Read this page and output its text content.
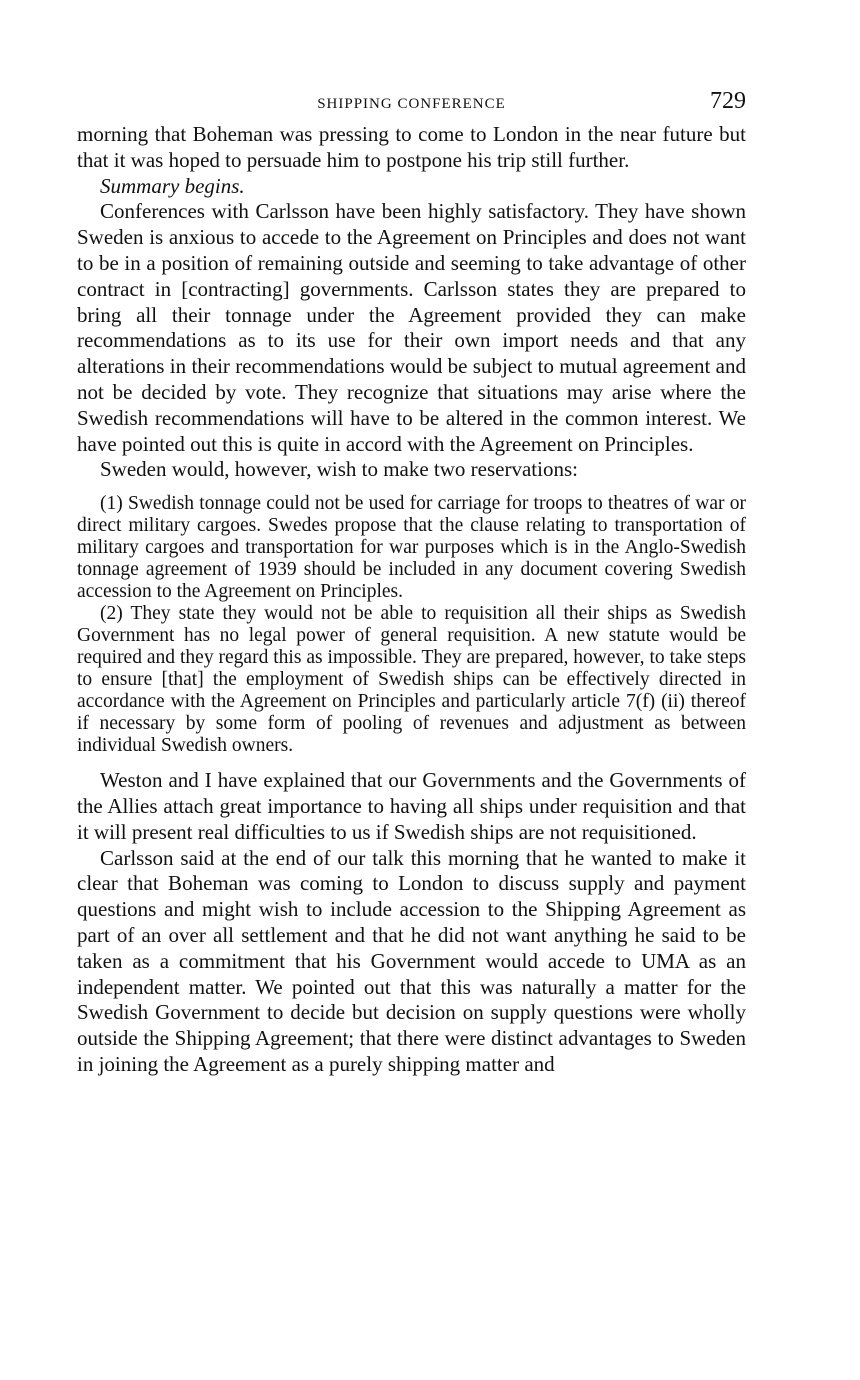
SHIPPING CONFERENCE	729

morning that Boheman was pressing to come to London in the near future but that it was hoped to persuade him to postpone his trip still further.

Summary begins.

Conferences with Carlsson have been highly satisfactory. They have shown Sweden is anxious to accede to the Agreement on Principles and does not want to be in a position of remaining outside and seeming to take advantage of other contract in [contracting] governments. Carlsson states they are prepared to bring all their tonnage under the Agreement provided they can make recommendations as to its use for their own import needs and that any alterations in their recommendations would be subject to mutual agreement and not be decided by vote. They recognize that situations may arise where the Swedish recommendations will have to be altered in the common interest. We have pointed out this is quite in accord with the Agreement on Principles.

Sweden would, however, wish to make two reservations:

(1) Swedish tonnage could not be used for carriage for troops to theatres of war or direct military cargoes. Swedes propose that the clause relating to transportation of military cargoes and transportation for war purposes which is in the Anglo-Swedish tonnage agreement of 1939 should be included in any document covering Swedish accession to the Agreement on Principles.

(2) They state they would not be able to requisition all their ships as Swedish Government has no legal power of general requisition. A new statute would be required and they regard this as impossible. They are prepared, however, to take steps to ensure [that] the employment of Swedish ships can be effectively directed in accordance with the Agreement on Principles and particularly article 7(f) (ii) thereof if necessary by some form of pooling of revenues and adjustment as between individual Swedish owners.

Weston and I have explained that our Governments and the Governments of the Allies attach great importance to having all ships under requisition and that it will present real difficulties to us if Swedish ships are not requisitioned.

Carlsson said at the end of our talk this morning that he wanted to make it clear that Boheman was coming to London to discuss supply and payment questions and might wish to include accession to the Shipping Agreement as part of an over all settlement and that he did not want anything he said to be taken as a commitment that his Government would accede to UMA as an independent matter. We pointed out that this was naturally a matter for the Swedish Government to decide but decision on supply questions were wholly outside the Shipping Agreement; that there were distinct advantages to Sweden in joining the Agreement as a purely shipping matter and
